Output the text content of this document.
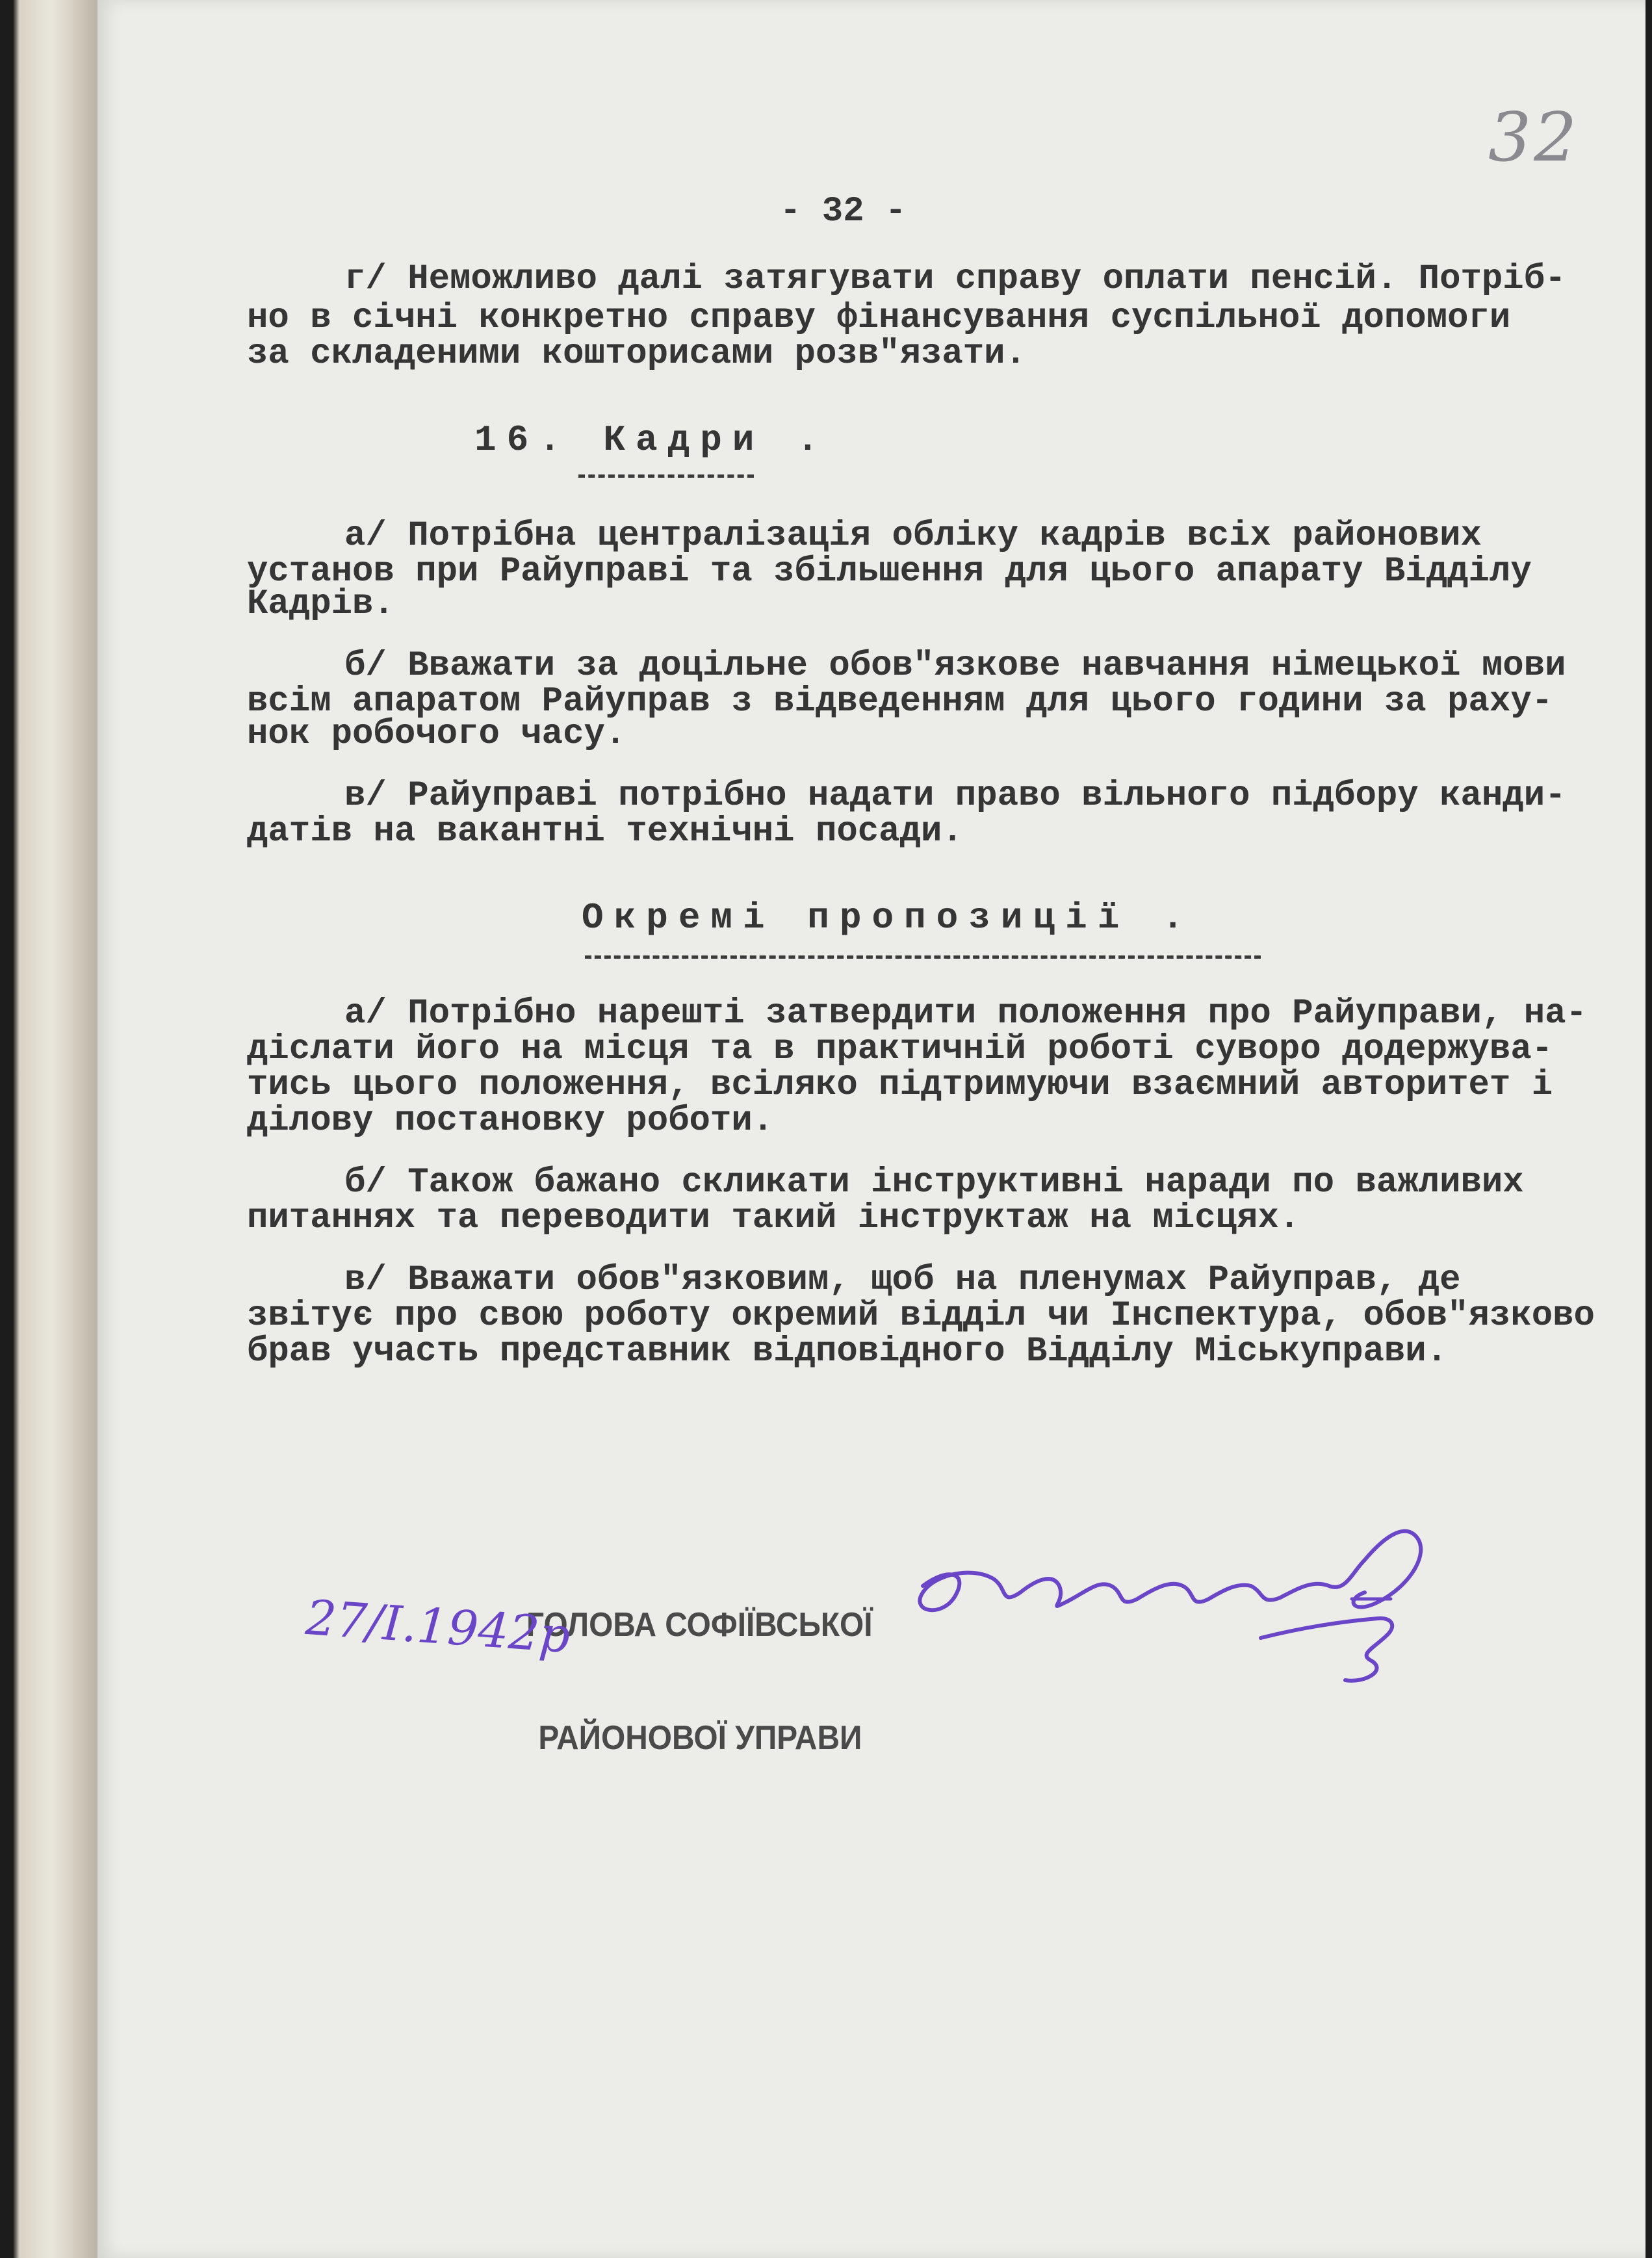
32
- 32 -
г/ Неможливо далі затягувати справу оплати пенсій. Потріб-
но в січні конкретно справу фінансування суспільної допомоги
за складеними кошторисами розв"язати.
16. Кадри .
а/ Потрібна централізація обліку кадрів всіх районових
установ при Райуправі та збільшення для цього апарату Відділу
Кадрів.
б/ Вважати за доцільне обов"язкове навчання німецької мови
всім апаратом Райуправ з відведенням для цього години за раху-
нок робочого часу.
в/ Райуправі потрібно надати право вільного підбору канди-
датів на вакантні технічні посади.
Окремі пропозиції .
а/ Потрібно нарешті затвердити положення про Райуправи, на-
діслати його на місця та в практичній роботі суворо додержува-
тись цього положення, всіляко підтримуючи взаємний авторитет і
ділову постановку роботи.
б/ Також бажано скликати інструктивні наради по важливих
питаннях та переводити такий інструктаж на місцях.
в/ Вважати обов"язковим, щоб на пленумах Райуправ, де
звітує про свою роботу окремий відділ чи Інспектура, обов"язково
брав участь представник відповідного Відділу Міськуправи.

ГОЛОВА СОФІЇВСЬКОЇ

РАЙОНОВОЇ УПРАВИ

27/I.1942р
